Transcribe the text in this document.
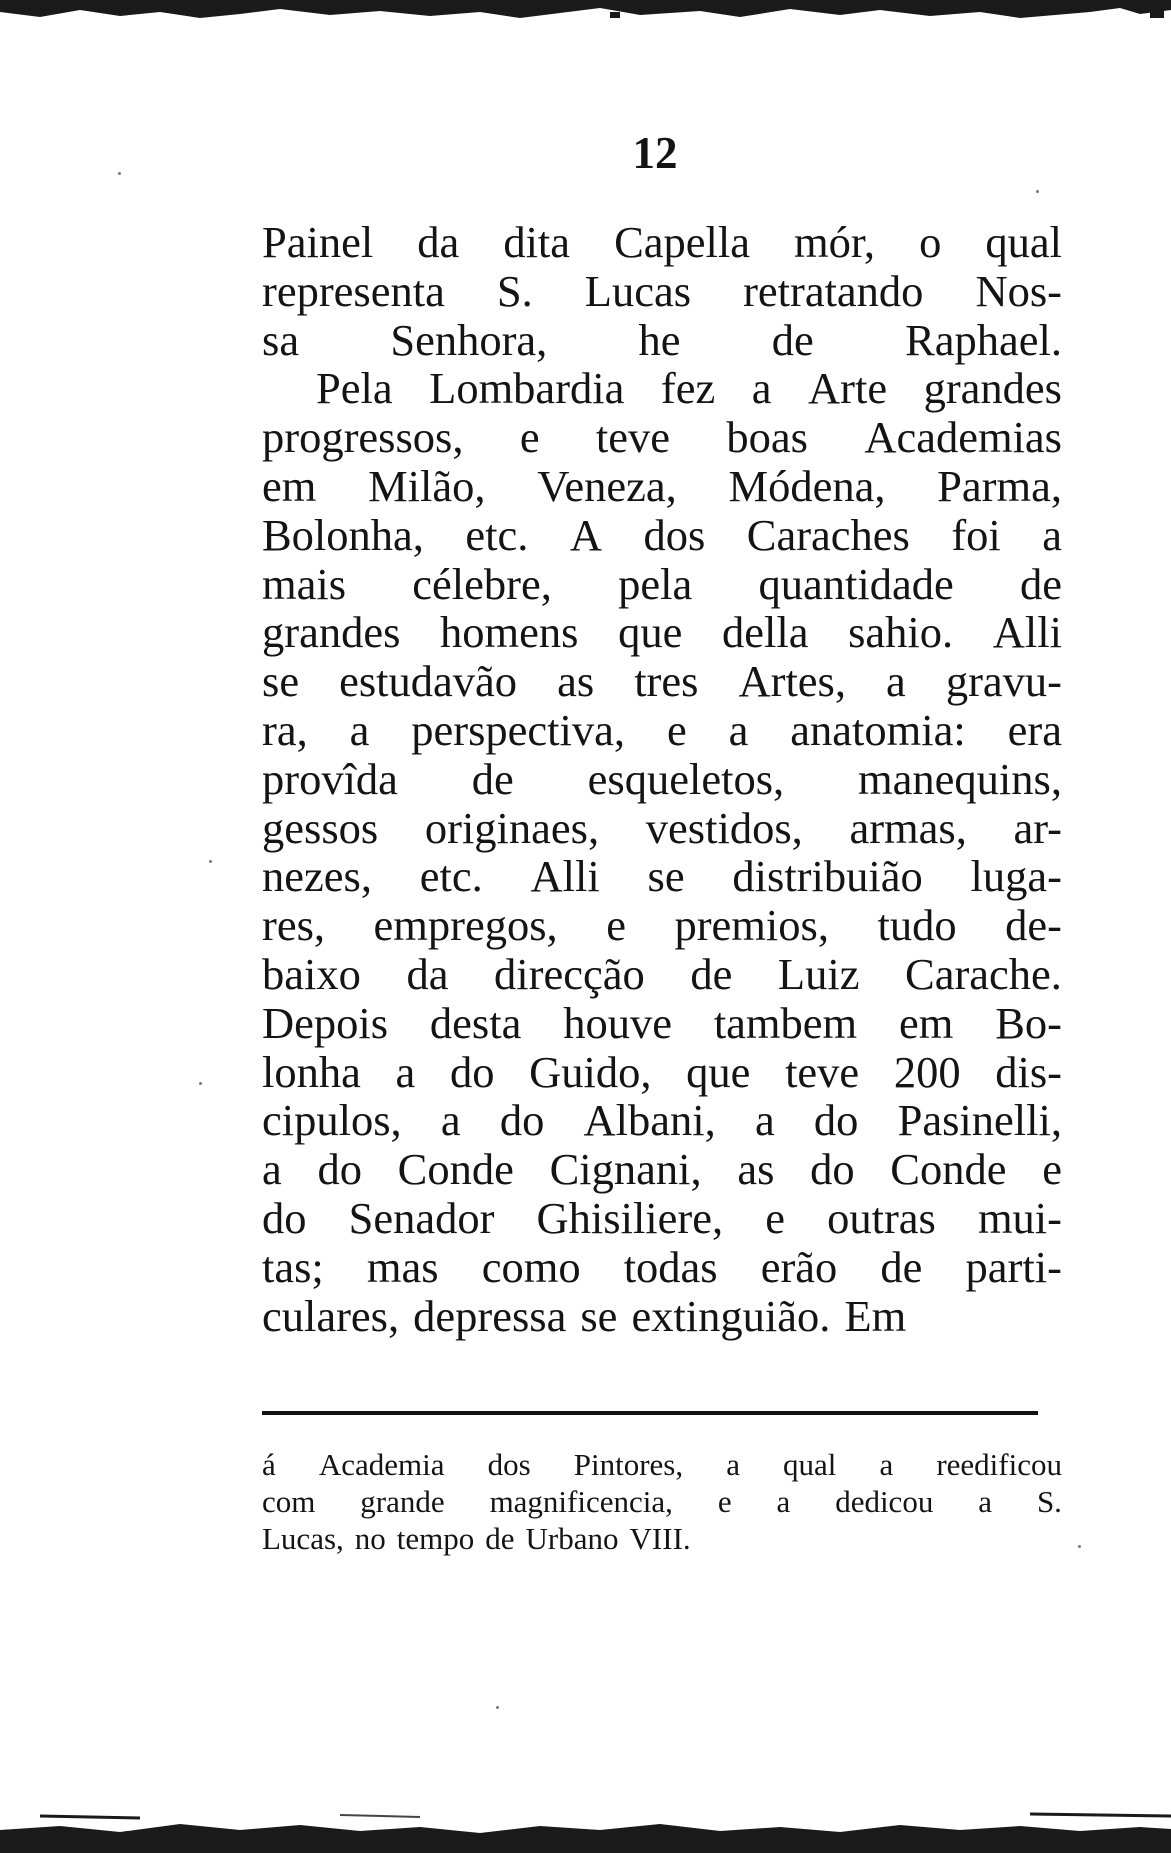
12
Painel da dita Capella mór, o qual
representa S. Lucas retratando Nos-
sa Senhora, he de Raphael.
Pela Lombardia fez a Arte grandes
progressos, e teve boas Academias
em Milão, Veneza, Módena, Parma,
Bolonha, etc. A dos Caraches foi a
mais célebre, pela quantidade de
grandes homens que della sahio. Alli
se estudavão as tres Artes, a gravu-
ra, a perspectiva, e a anatomia: era
provîda de esqueletos, manequins,
gessos originaes, vestidos, armas, ar-
nezes, etc. Alli se distribuião luga-
res, empregos, e premios, tudo de-
baixo da direcção de Luiz Carache.
Depois desta houve tambem em Bo-
lonha a do Guido, que teve 200 dis-
cipulos, a do Albani, a do Pasinelli,
a do Conde Cignani, as do Conde e
do Senador Ghisiliere, e outras mui-
tas; mas como todas erão de parti-
culares, depressa se extinguião. Em
á Academia dos Pintores, a qual a reedificou
com grande magnificencia, e a dedicou a S.
Lucas, no tempo de Urbano VIII.
